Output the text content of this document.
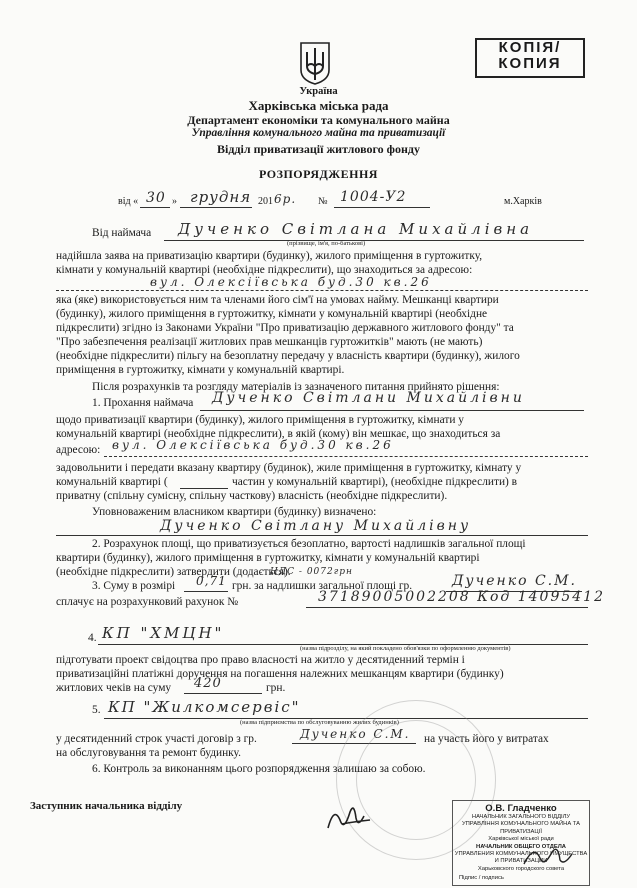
КОПІЯ/
КОПИЯ
Україна
Харківська міська рада
Департамент економіки та комунального майна
Управління комунального майна та приватизації
Відділ приватизації житлового фонду
РОЗПОРЯДЖЕННЯ
від « 30 » грудня 201 6р. № 1004-У2	м.Харків
Від наймача Дученко Світлана Михайлівна
(прізвище, ім'я, по-батькові)
надійшла заява на приватизацію квартири (будинку), жилого приміщення в гуртожитку,
кімнати у комунальній квартирі (необхідне підкреслити), що знаходиться за адресою:
вул. Олексіївська буд.30 кв.26
яка (яке) використовується ним та членами його сім'ї на умовах найму. Мешканці квартири
(будинку), жилого приміщення в гуртожитку, кімнати у комунальній квартирі (необхідне
підкреслити) згідно із Законами України "Про приватизацію державного житлового фонду" та
"Про забезпечення реалізації житлових прав мешканців гуртожитків" мають (не мають)
(необхідне підкреслити) пільгу на безоплатну передачу у власність квартири (будинку), жилого
приміщення в гуртожитку, кімнати у комунальній квартирі.
Після розрахунків та розгляду матеріалів із зазначеного питання прийнято рішення:
1. Прохання наймача Дученко Світлани Михайлівни
щодо приватизації квартири (будинку), жилого приміщення в гуртожитку, кімнати у
комунальній квартирі (необхідне підкреслити), в якій (кому) він мешкає, що знаходиться за
адресою: вул. Олексіївська буд.30 кв.26
задовольнити і передати вказану квартиру (будинок), жиле приміщення в гуртожитку, кімнату у
комунальній квартирі (	частин у комунальній квартирі), (необхідне підкреслити) в
приватну (спільну сумісну, спільну часткову) власність (необхідне підкреслити).
Уповноваженим власником квартири (будинку) визначено:
Дученко Світлану Михайлівну
2. Розрахунок площі, що приватизується безоплатно, вартості надлишків загальної площі
квартири (будинку), жилого приміщення в гуртожитку, кімнати у комунальній квартирі
(необхідне підкреслити) затвердити (додається).
3. Суму в розмірі 0,71 грн. за надлишки загальної площі гр.
НДС - 0072грн
Дученко С.М.
сплачує на розрахунковий рахунок №	37189005002208 Код 14095412
4. КП "ХМЦН"
(назва підрозділу, на який покладено обов'язки по оформленню документів)
підготувати проект свідоцтва про право власності на житло у десятиденний термін і
приватизаційні платіжні доручення на погашення належних мешканцям квартири (будинку)
житлових чеків на суму 420	грн.
5. КП "Жилкомсервіс"
(назва підприємства по обслуговуванню жилих будинків)
у десятиденний строк участі договір з гр.	Дученко С.М. на участь його у витратах
на обслуговування та ремонт будинку.
6. Контроль за виконанням цього розпорядження залишаю за собою.
Заступник начальника відділу	О.В. Гладченко
НАЧАЛЬНИК ЗАГАЛЬНОГО ВІДДІЛУ
УПРАВЛІННЯ КОМУНАЛЬНОГО МАЙНА ТА ПРИВАТИЗАЦІЇ
Харківської міської ради
НАЧАЛЬНИК ОБЩЕГО ОТДЕЛА
УПРАВЛЕНИЯ КОММУНАЛЬНОГО ИМУЩЕСТВА И ПРИВАТИЗАЦИИ
Харьковского городского совета
Підпис / подпись
